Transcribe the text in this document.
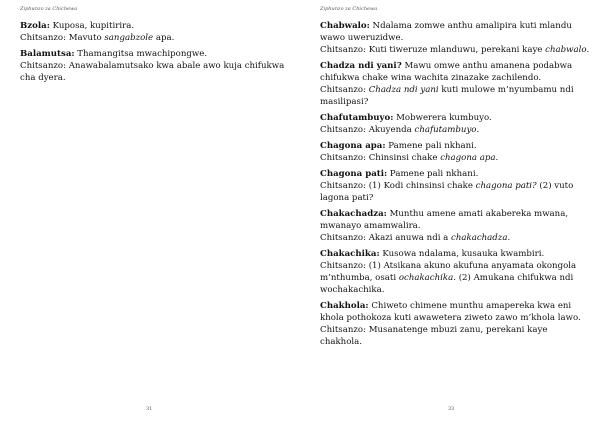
Ziphunzo za Chichewa
Bzola: Kuposa, kupitirira.
Chitsanzo: Mavuto sangabzole apa.
Balamutsa: Thamangitsa mwachipongwe.
Chitsanzo: Anawabalamutsako kwa abale awo kuja chifukwa cha dyera.
31
Ziphunzo za Chichewa
Chabwalo: Ndalama zomwe anthu amalipira kuti mlandu wawo uweruzidwe.
Chitsanzo: Kuti tiweruze mlanduwu, perekani kaye chabwalo.
Chadza ndi yani? Mawu omwe anthu amanena podabwa chifukwa chake wina wachita zinazake zachilendo.
Chitsanzo: Chadza ndi yani kuti mulowe m’nyumbamu ndi masilipasi?
Chafutambuyo: Mobwerera kumbuyo.
Chitsanzo: Akuyenda chafutambuyo.
Chagona apa: Pamene pali nkhani.
Chitsanzo: Chinsinsi chake chagona apa.
Chagona pati: Pamene pali nkhani.
Chitsanzo: (1) Kodi chinsinsi chake chagona pati? (2) vuto lagona pati?
Chakachadza: Munthu amene amati akabereka mwana, mwanayo amamwalira.
Chitsanzo: Akazi anuwa ndi a chakachadza.
Chakachika: Kusowa ndalama, kusauka kwambiri.
Chitsanzo: (1) Atsikana akuno akufuna anyamata okongola m’nthumba, osati ochakachika. (2) Amukana chifukwa ndi wochakachika.
Chakhola: Chiweto chimene munthu amapereka kwa eni khola pothokoza kuti awawetera ziweto zawo m’khola lawo.
Chitsanzo: Musanatenge mbuzi zanu, perekani kaye chakhola.
33
